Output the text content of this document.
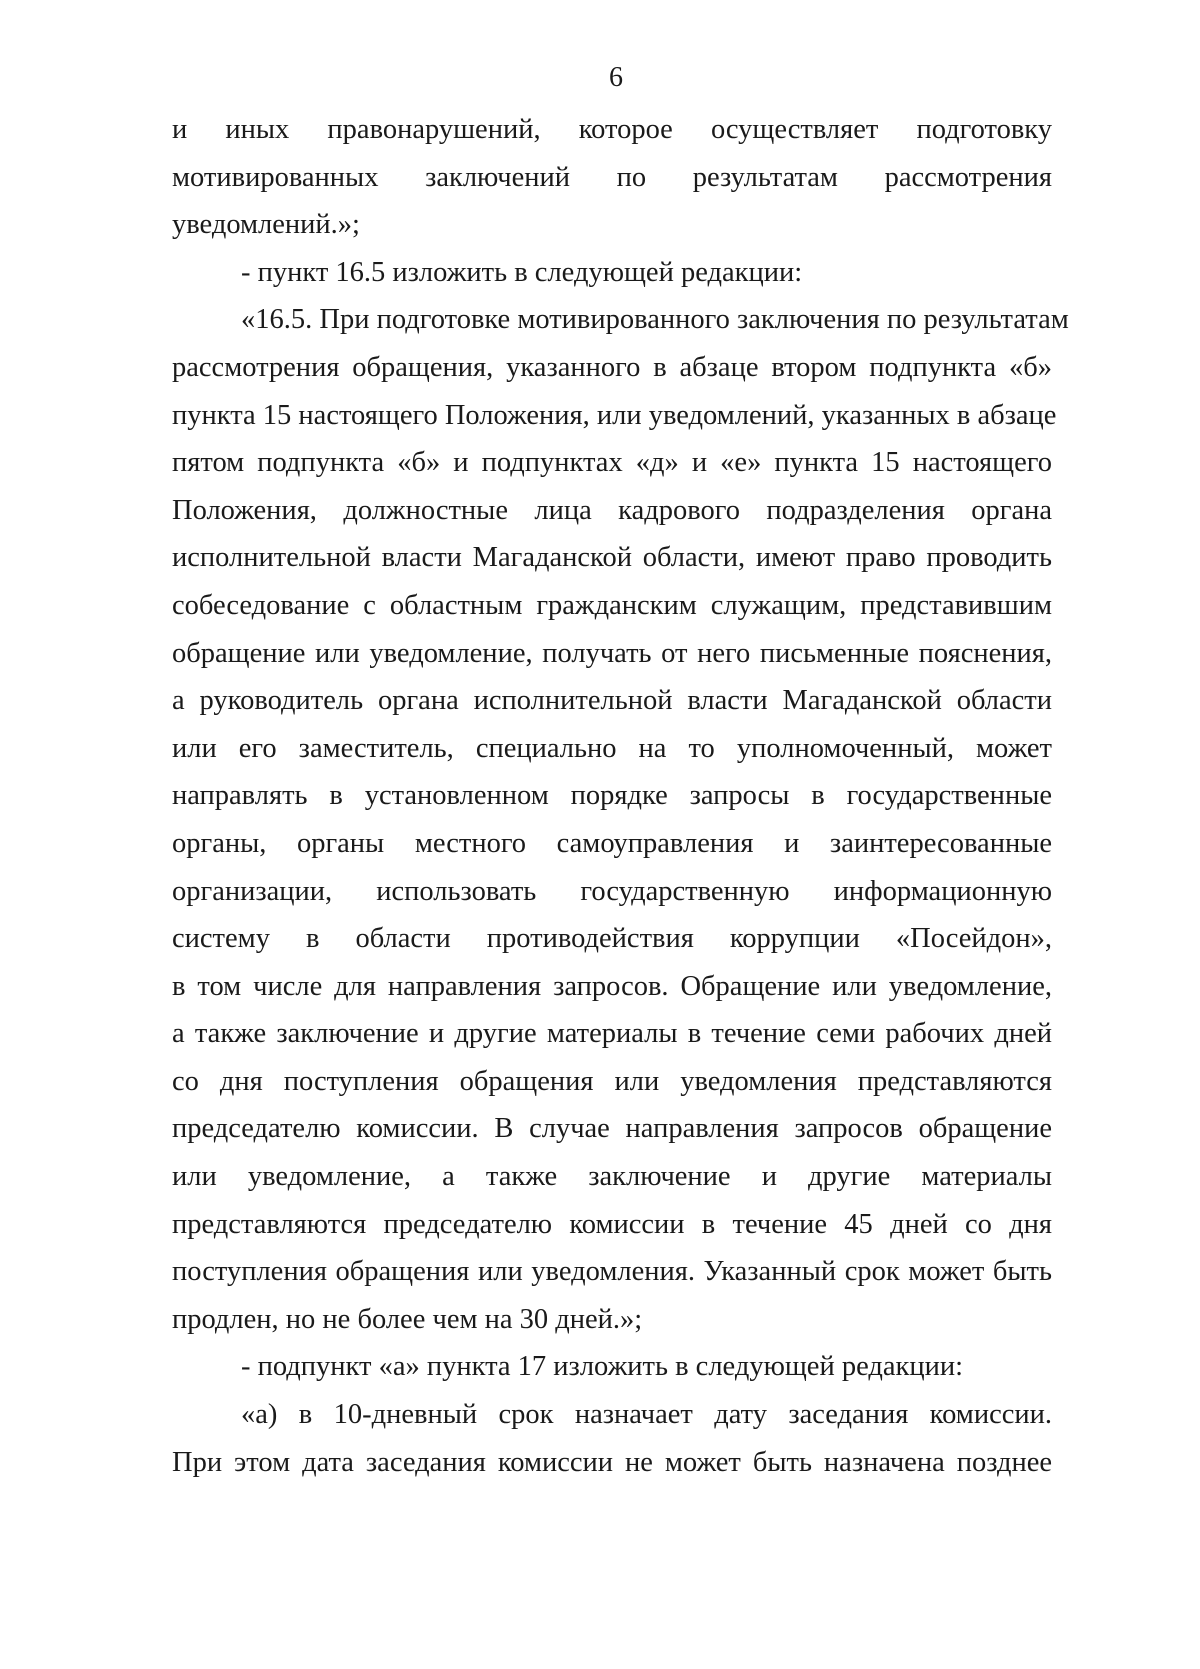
6
и иных правонарушений, которое осуществляет подготовку
мотивированных заключений по результатам рассмотрения
уведомлений.»;
- пункт 16.5 изложить в следующей редакции:
«16.5. При подготовке мотивированного заключения по результатам
рассмотрения обращения, указанного в абзаце втором подпункта «б»
пункта 15 настоящего Положения, или уведомлений, указанных в абзаце
пятом подпункта «б» и подпунктах «д» и «е» пункта 15 настоящего
Положения, должностные лица кадрового подразделения органа
исполнительной власти Магаданской области, имеют право проводить
собеседование с областным гражданским служащим, представившим
обращение или уведомление, получать от него письменные пояснения,
а руководитель органа исполнительной власти Магаданской области
или его заместитель, специально на то уполномоченный, может
направлять в установленном порядке запросы в государственные
органы, органы местного самоуправления и заинтересованные
организации, использовать государственную информационную
систему в области противодействия коррупции «Посейдон»,
в том числе для направления запросов. Обращение или уведомление,
а также заключение и другие материалы в течение семи рабочих дней
со дня поступления обращения или уведомления представляются
председателю комиссии. В случае направления запросов обращение
или уведомление, а также заключение и другие материалы
представляются председателю комиссии в течение 45 дней со дня
поступления обращения или уведомления. Указанный срок может быть
продлен, но не более чем на 30 дней.»;
- подпункт «а» пункта 17 изложить в следующей редакции:
«а) в 10-дневный срок назначает дату заседания комиссии.
При этом дата заседания комиссии не может быть назначена позднее
